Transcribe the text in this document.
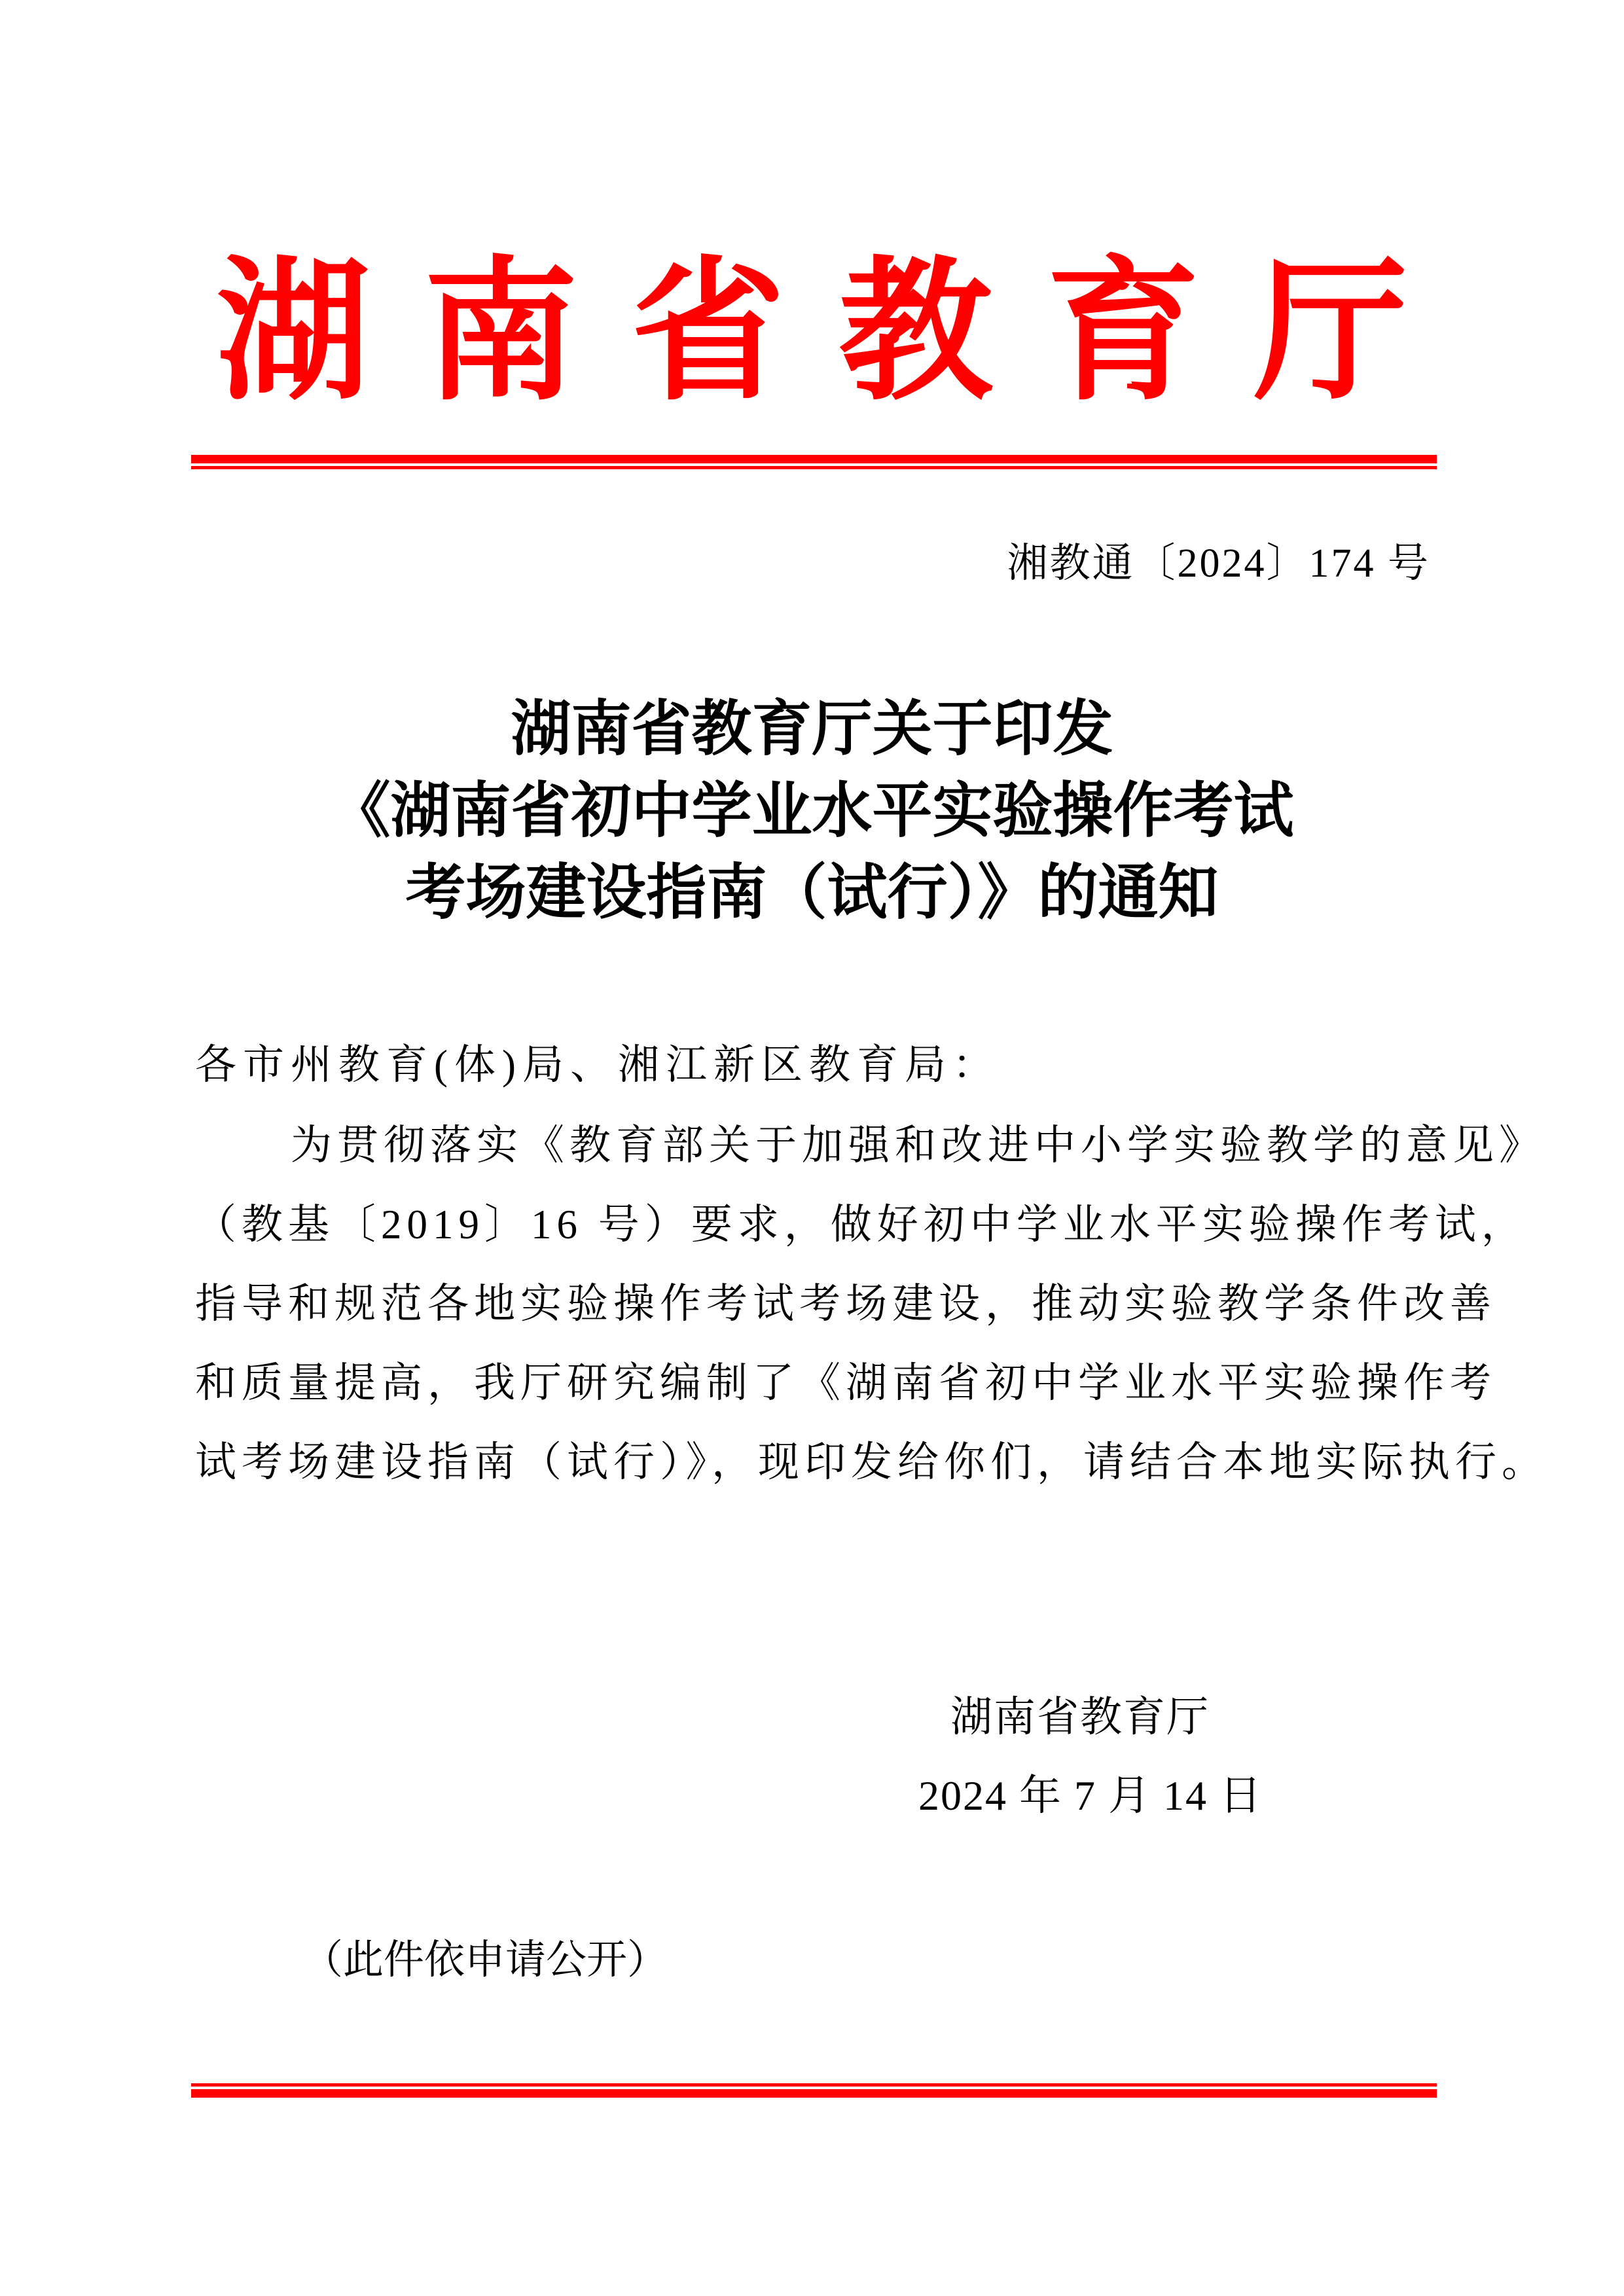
湖南省教育厅
湘教通〔2024〕174 号
湖南省教育厅关于印发
《湖南省初中学业水平实验操作考试
考场建设指南（试行）》的通知
各市州教育(体)局、湘江新区教育局：
为贯彻落实《教育部关于加强和改进中小学实验教学的意见》
（教基〔2019〕16 号）要求，做好初中学业水平实验操作考试，
指导和规范各地实验操作考试考场建设，推动实验教学条件改善
和质量提高，我厅研究编制了《湖南省初中学业水平实验操作考
试考场建设指南（试行）》，现印发给你们，请结合本地实际执行。
湖南省教育厅
2024 年 7 月 14 日
（此件依申请公开）
